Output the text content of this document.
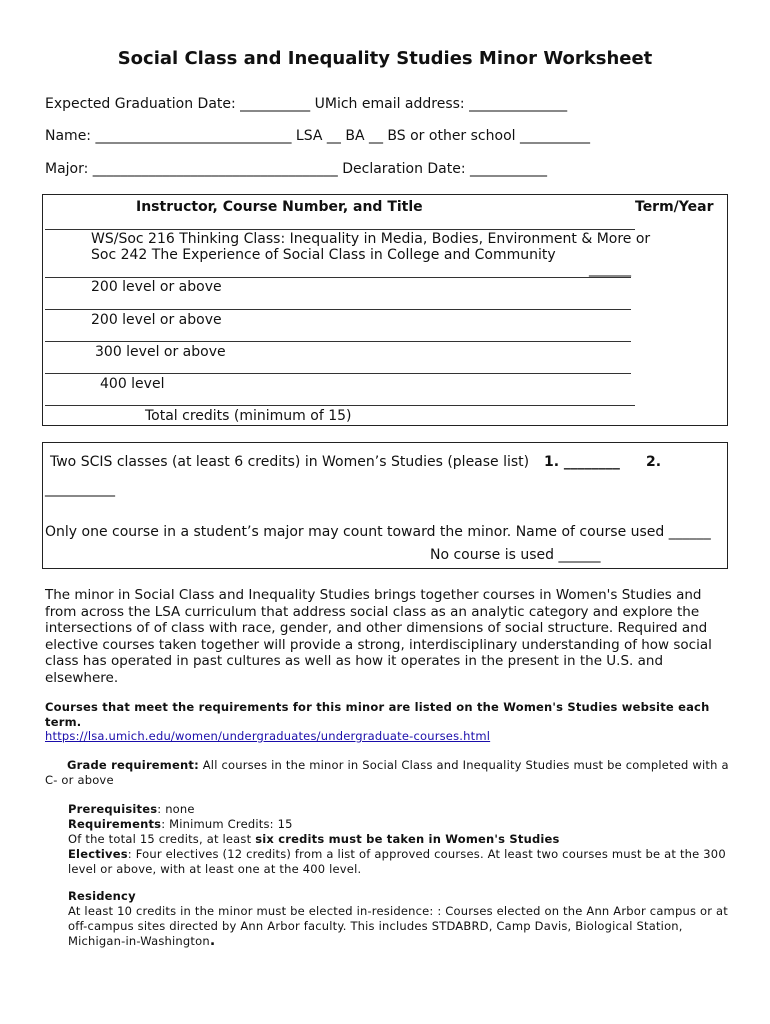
Social Class and Inequality Studies Minor Worksheet
Expected Graduation Date: __________ UMich email address: ______________
Name: ____________________________ LSA __ BA __ BS or other school __________
Major: ___________________________________ Declaration Date: ___________
Instructor, Course Number, and Title	Term/Year
WS/Soc 216 Thinking Class: Inequality in Media, Bodies, Environment & More or
Soc 242 The Experience of Social Class in College and Community
______
200 level or above
200 level or above
300 level or above
400 level
Total credits (minimum of 15)
Two SCIS classes (at least 6 credits) in Women’s Studies (please list) 1. ________ 2.
__________
Only one course in a student’s major may count toward the minor. Name of course used ______
No course is used ______
The minor in Social Class and Inequality Studies brings together courses in Women's Studies and from across the LSA curriculum that address social class as an analytic category and explore the intersections of of class with race, gender, and other dimensions of social structure. Required and elective courses taken together will provide a strong, interdisciplinary understanding of how social class has operated in past cultures as well as how it operates in the present in the U.S. and elsewhere.
Courses that meet the requirements for this minor are listed on the Women's Studies website each term.
https://lsa.umich.edu/women/undergraduates/undergraduate-courses.html
Grade requirement: All courses in the minor in Social Class and Inequality Studies must be completed with a C- or above
Prerequisites: none
Requirements: Minimum Credits: 15
Of the total 15 credits, at least six credits must be taken in Women's Studies
Electives: Four electives (12 credits) from a list of approved courses. At least two courses must be at the 300 level or above, with at least one at the 400 level.
Residency
At least 10 credits in the minor must be elected in-residence: : Courses elected on the Ann Arbor campus or at off-campus sites directed by Ann Arbor faculty. This includes STDABRD, Camp Davis, Biological Station, Michigan-in-Washington.
